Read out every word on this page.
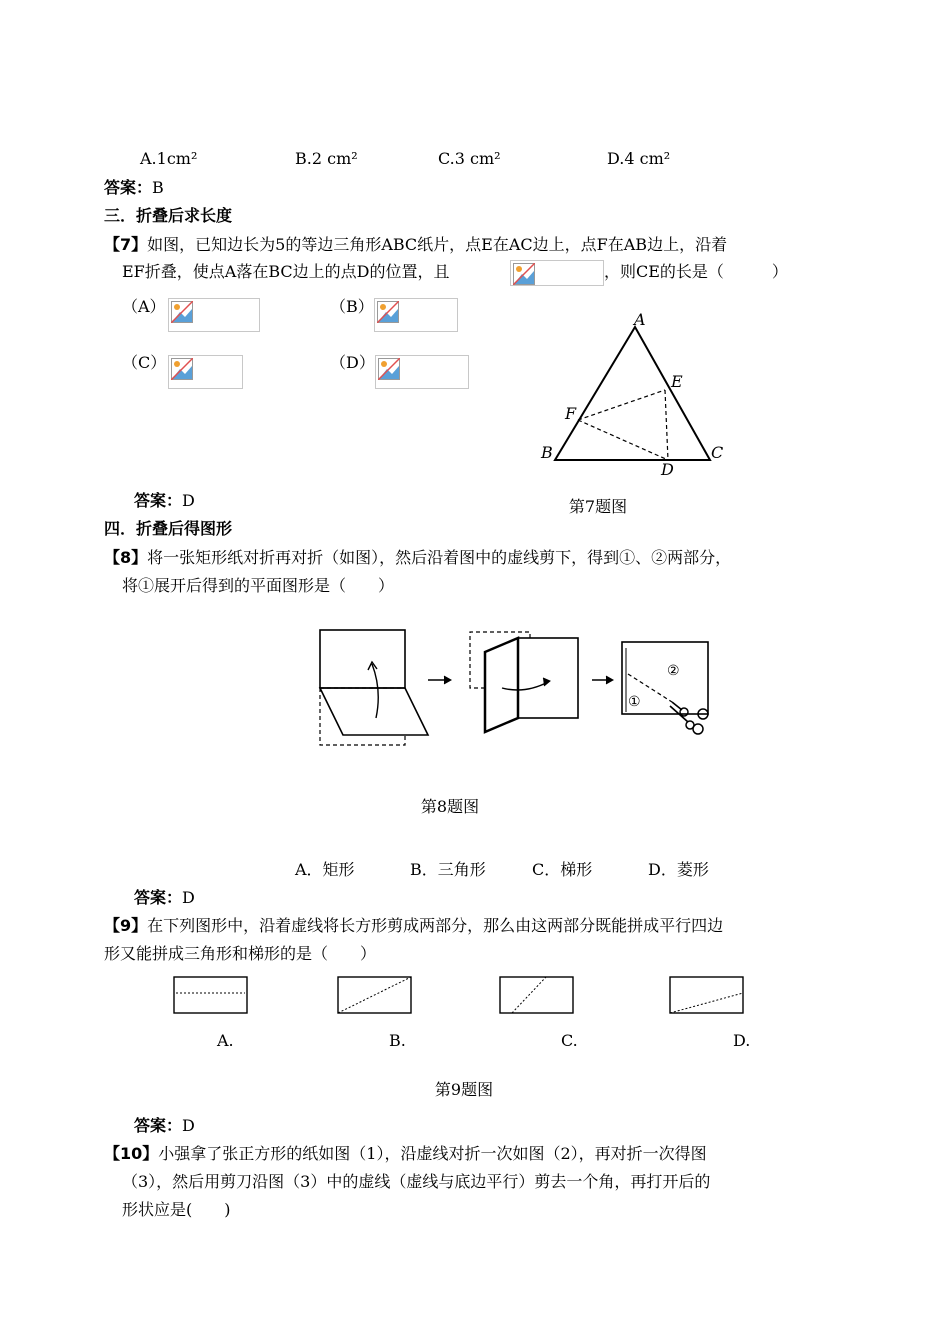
A.1cm²	B.2 cm²	C.3 cm²	D.4 cm²
答案：B
三．折叠后求长度
【7】如图，已知边长为5的等边三角形ABC纸片，点E在AC边上，点F在AB边上，沿着
EF折叠，使点A落在BC边上的点D的位置，且	，则CE的长是（　　　）
（A）	（B）
（C）	（D）
A
E
F
B	C
D
答案：D	第7题图
四．折叠后得图形
【8】将一张矩形纸对折再对折（如图），然后沿着图中的虚线剪下，得到①、②两部分，
将①展开后得到的平面图形是（　　）
②
①
第8题图
A．矩形	B．三角形	C．梯形	D．菱形
答案：D
【9】在下列图形中，沿着虚线将长方形剪成两部分，那么由这两部分既能拼成平行四边
形又能拼成三角形和梯形的是（　　）
A.	B.	C.	D.
第9题图
答案：D
【10】小强拿了张正方形的纸如图（1），沿虚线对折一次如图（2），再对折一次得图
（3），然后用剪刀沿图（3）中的虚线（虚线与底边平行）剪去一个角，再打开后的
形状应是(　　)
